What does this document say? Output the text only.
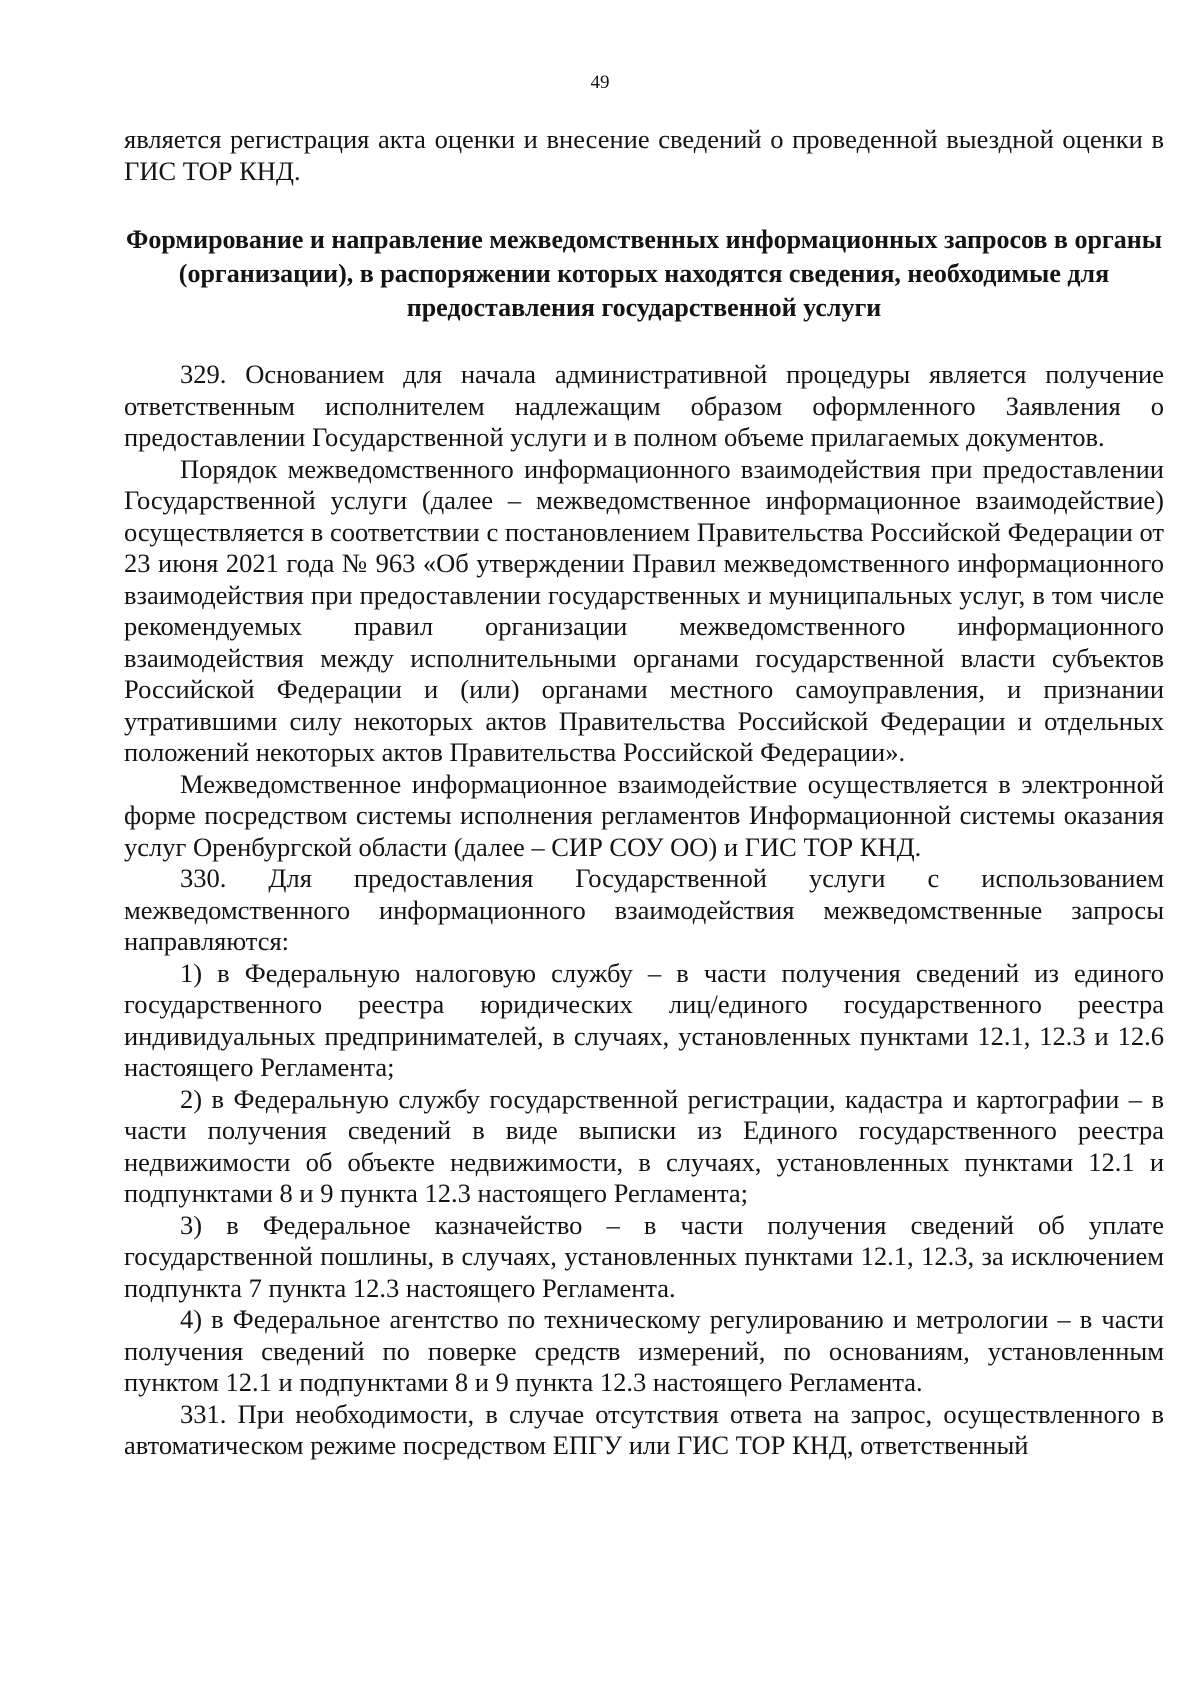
49

является регистрация акта оценки и внесение сведений о проведенной выездной оценки в ГИС ТОР КНД.

Формирование и направление межведомственных информационных запросов в органы (организации), в распоряжении которых находятся сведения, необходимые для предоставления государственной услуги

329. Основанием для начала административной процедуры является получение ответственным исполнителем надлежащим образом оформленного Заявления о предоставлении Государственной услуги и в полном объеме прилагаемых документов.

Порядок межведомственного информационного взаимодействия при предоставлении Государственной услуги (далее – межведомственное информационное взаимодействие) осуществляется в соответствии с постановлением Правительства Российской Федерации от 23 июня 2021 года № 963 «Об утверждении Правил межведомственного информационного взаимодействия при предоставлении государственных и муниципальных услуг, в том числе рекомендуемых правил организации межведомственного информационного взаимодействия между исполнительными органами государственной власти субъектов Российской Федерации и (или) органами местного самоуправления, и признании утратившими силу некоторых актов Правительства Российской Федерации и отдельных положений некоторых актов Правительства Российской Федерации».

Межведомственное информационное взаимодействие осуществляется в электронной форме посредством системы исполнения регламентов Информационной системы оказания услуг Оренбургской области (далее – СИР СОУ ОО) и ГИС ТОР КНД.

330. Для предоставления Государственной услуги с использованием межведомственного информационного взаимодействия межведомственные запросы направляются:

1) в Федеральную налоговую службу – в части получения сведений из единого государственного реестра юридических лиц/единого государственного реестра индивидуальных предпринимателей, в случаях, установленных пунктами 12.1, 12.3 и 12.6 настоящего Регламента;

2) в Федеральную службу государственной регистрации, кадастра и картографии – в части получения сведений в виде выписки из Единого государственного реестра недвижимости об объекте недвижимости, в случаях, установленных пунктами 12.1 и подпунктами 8 и 9 пункта 12.3 настоящего Регламента;

3) в Федеральное казначейство – в части получения сведений об уплате государственной пошлины, в случаях, установленных пунктами 12.1, 12.3, за исключением подпункта 7 пункта 12.3 настоящего Регламента.

4) в Федеральное агентство по техническому регулированию и метрологии – в части получения сведений по поверке средств измерений, по основаниям, установленным пунктом 12.1 и подпунктами 8 и 9 пункта 12.3 настоящего Регламента.

331. При необходимости, в случае отсутствия ответа на запрос, осуществленного в автоматическом режиме посредством ЕПГУ или ГИС ТОР КНД, ответственный
